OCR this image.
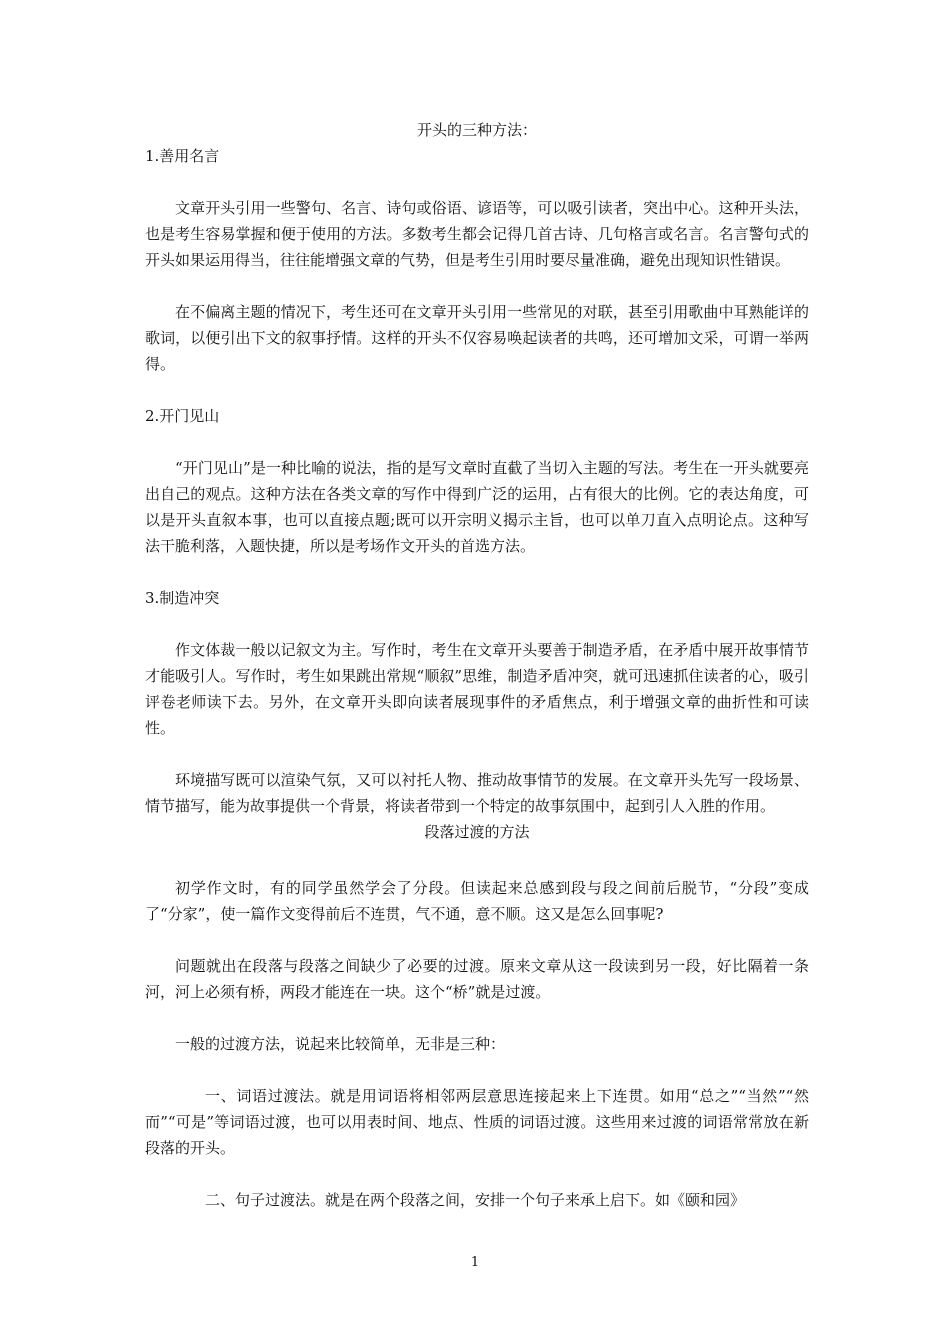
开头的三种方法：

1.善用名言

文章开头引用一些警句、名言、诗句或俗语、谚语等，可以吸引读者，突出中心。这种开头法，也是考生容易掌握和便于使用的方法。多数考生都会记得几首古诗、几句格言或名言。名言警句式的开头如果运用得当，往往能增强文章的气势，但是考生引用时要尽量准确，避免出现知识性错误。

在不偏离主题的情况下，考生还可在文章开头引用一些常见的对联，甚至引用歌曲中耳熟能详的歌词，以便引出下文的叙事抒情。这样的开头不仅容易唤起读者的共鸣，还可增加文采，可谓一举两得。

2.开门见山

“开门见山”是一种比喻的说法，指的是写文章时直截了当切入主题的写法。考生在一开头就要亮出自己的观点。这种方法在各类文章的写作中得到广泛的运用，占有很大的比例。它的表达角度，可以是开头直叙本事，也可以直接点题;既可以开宗明义揭示主旨，也可以单刀直入点明论点。这种写法干脆利落，入题快捷，所以是考场作文开头的首选方法。

3.制造冲突

作文体裁一般以记叙文为主。写作时，考生在文章开头要善于制造矛盾，在矛盾中展开故事情节才能吸引人。写作时，考生如果跳出常规“顺叙”思维，制造矛盾冲突，就可迅速抓住读者的心，吸引评卷老师读下去。另外，在文章开头即向读者展现事件的矛盾焦点，利于增强文章的曲折性和可读性。

环境描写既可以渲染气氛，又可以衬托人物、推动故事情节的发展。在文章开头先写一段场景、情节描写，能为故事提供一个背景，将读者带到一个特定的故事氛围中，起到引人入胜的作用。

段落过渡的方法

初学作文时，有的同学虽然学会了分段。但读起来总感到段与段之间前后脱节，“分段”变成了“分家”，使一篇作文变得前后不连贯，气不通，意不顺。这又是怎么回事呢?

问题就出在段落与段落之间缺少了必要的过渡。原来文章从这一段读到另一段，好比隔着一条河，河上必须有桥，两段才能连在一块。这个“桥”就是过渡。

一般的过渡方法，说起来比较简单，无非是三种：

一、词语过渡法。就是用词语将相邻两层意思连接起来上下连贯。如用“总之”“当然”“然而”“可是”等词语过渡，也可以用表时间、地点、性质的词语过渡。这些用来过渡的词语常常放在新段落的开头。

二、句子过渡法。就是在两个段落之间，安排一个句子来承上启下。如《颐和园》

1
